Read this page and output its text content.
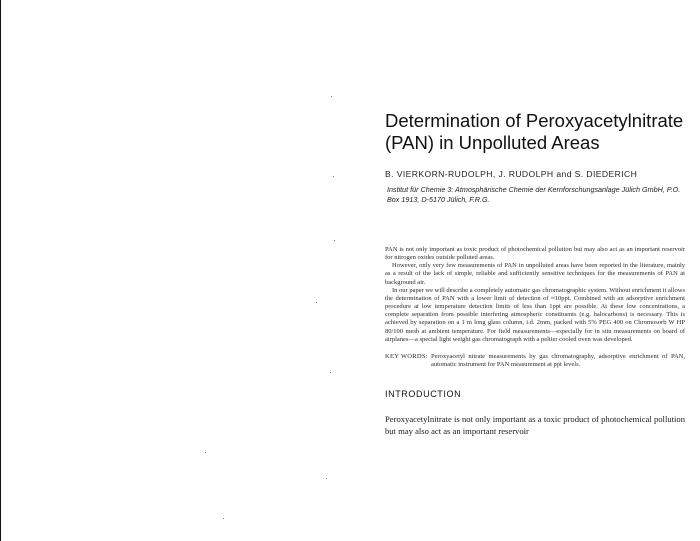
Determination of Peroxyacetylnitrate (PAN) in Unpolluted Areas
B. VIERKORN-RUDOLPH, J. RUDOLPH and S. DIEDERICH
Institut für Chemie 3: Atmosphärische Chemie der Kernforschungsanlage Jülich GmbH, P.O. Box 1913, D-5170 Jülich, F.R.G.

PAN is not only important as toxic product of photochemical pollution but may also act as an important reservoir for nitrogen oxides outside polluted areas.

However, only very few measurements of PAN in unpolluted areas have been reported in the literature, mainly as a result of the lack of simple, reliable and sufficiently sensitive techniques for the measurements of PAN at background air.

In our paper we will describe a completely automatic gas chromatographic system. Without enrichment it allows the determination of PAN with a lower limit of detection of ≈10ppt. Combined with an adsorptive enrichment procedure at low temperature detection limits of less than 1ppt are possible. At these low concentrations, a complete separation from possible interfering atmospheric constituents (e.g. halocarbons) is necessary. This is achieved by separation on a 1 m long glass column, i.d. 2mm, packed with 5% PEG 400 on Chromosorb W HP 80/100 mesh at ambient temperature. For field measurements—especially for in situ measurements on board of airplanes—a special light weight gas chromatograph with a peltier cooled oven was developed.

KEY WORDS: Peroxyacetyl nitrate measurements by gas chromatography, adsorptive enrichment of PAN, automatic instrument for PAN measurement at ppt levels.
INTRODUCTION
Peroxyacetylnitrate is not only important as a toxic product of photochemical pollution but may also act as an important reservoir
